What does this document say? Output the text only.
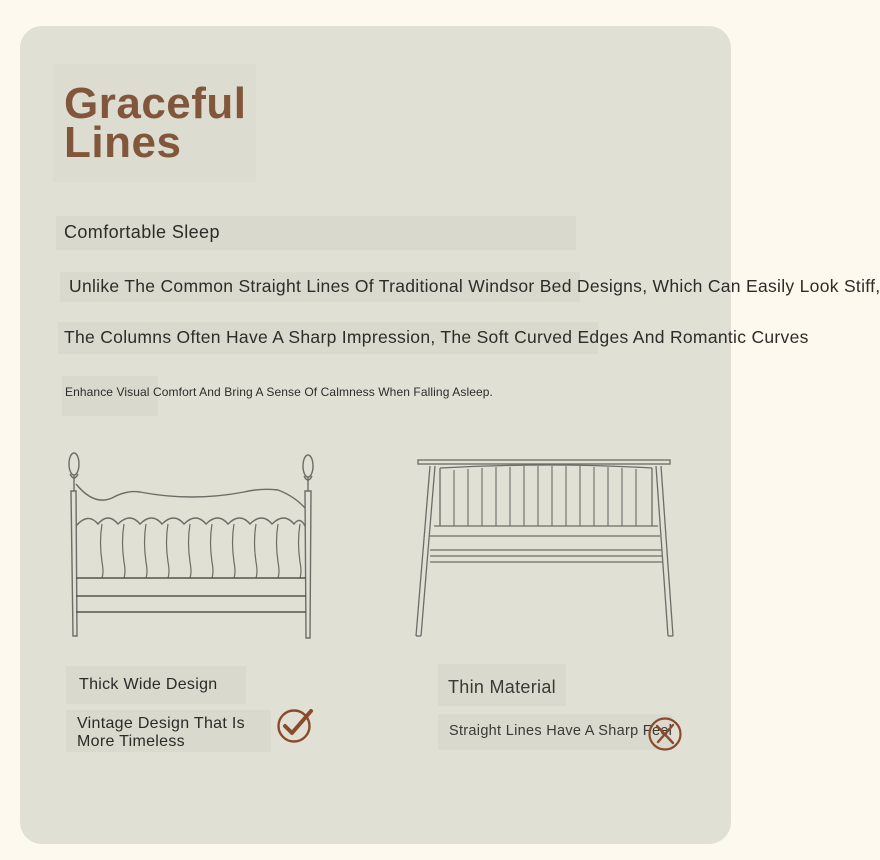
Graceful
Lines

Comfortable Sleep

Unlike The Common Straight Lines Of Traditional Windsor Bed Designs, Which Can Easily Look Stiff,

The Columns Often Have A Sharp Impression, The Soft Curved Edges And Romantic Curves

Enhance Visual Comfort And Bring A Sense Of Calmness When Falling Asleep.

Thick Wide Design

Vintage Design That Is
More Timeless

Thin Material

Straight Lines Have A Sharp Feel
